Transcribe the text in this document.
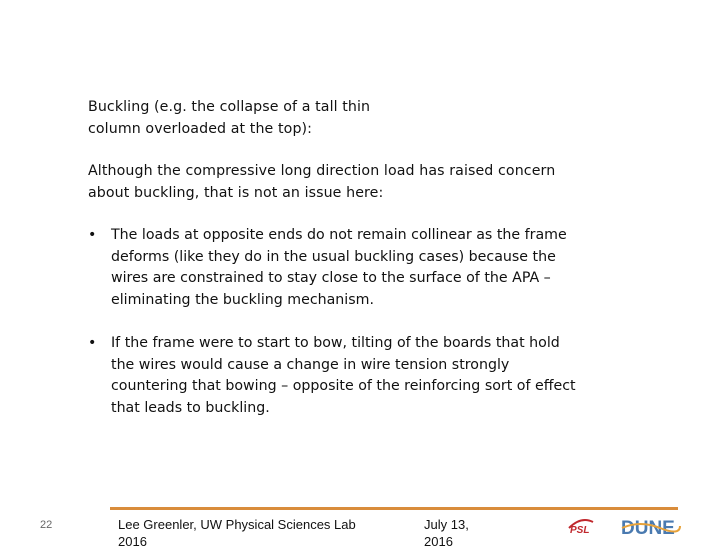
Buckling (e.g. the collapse of a tall thin column overloaded at the top):
Although the compressive long direction load has raised concern about buckling, that is not an issue here:
•	The loads at opposite ends do not remain collinear as the frame deforms (like they do in the usual buckling cases) because the wires are constrained to stay close to the surface of the APA – eliminating the buckling mechanism.
•	If the frame were to start to bow, tilting of the boards that hold the wires would cause a change in wire tension strongly countering that bowing – opposite of the reinforcing sort of effect that leads to buckling.
22	Lee Greenler, UW Physical Sciences Lab 2016
July 13, 2016
PSL DUNE
